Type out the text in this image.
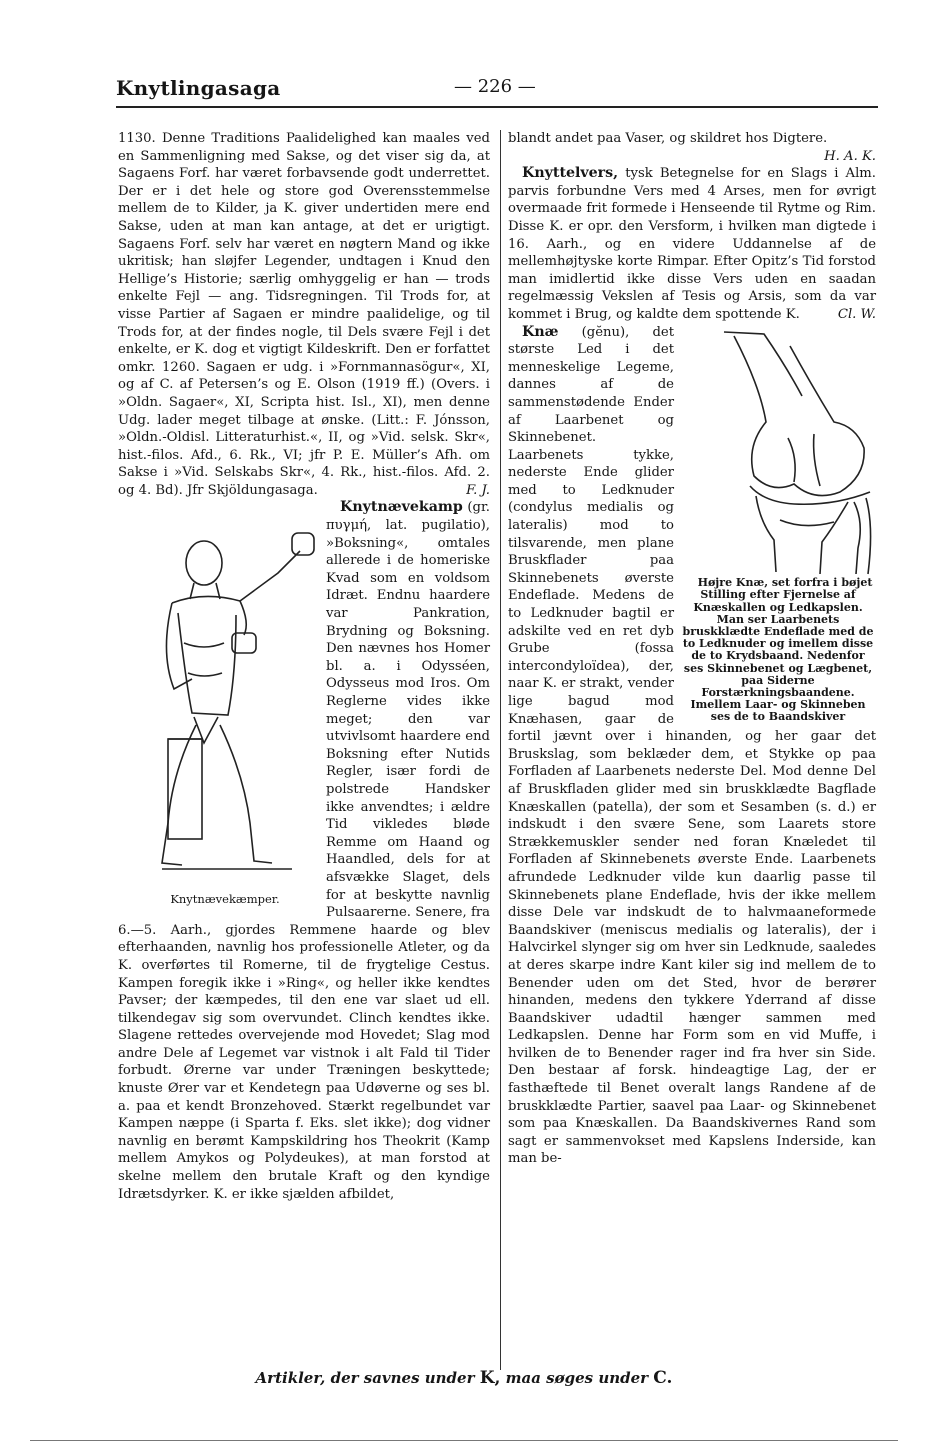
Knytlingasaga	— 226 —

1130. Denne Traditions Paalidelighed kan maales ved en Sammenligning med Sakse, og det viser sig da, at Sagaens Forf. har været forbavsende godt underrettet. Der er i det hele og store god Overensstemmelse mellem de to Kilder, ja K. giver undertiden mere end Sakse, uden at man kan antage, at det er urigtigt. Sagaens Forf. selv har været en nøgtern Mand og ikke ukritisk; han sløjfer Legender, undtagen i Knud den Hellige’s Historie; særlig omhyggelig er han — trods enkelte Fejl — ang. Tidsregningen. Til Trods for, at visse Partier af Sagaen er mindre paalidelige, og til Trods for, at der findes nogle, til Dels svære Fejl i det enkelte, er K. dog et vigtigt Kildeskrift. Den er forfattet omkr. 1260. Sagaen er udg. i »Fornmannasögur«, XI, og af C. af Petersen’s og E. Olson (1919 ff.) (Overs. i »Oldn. Sagaer«, XI, Scripta hist. Isl., XI), men denne Udg. lader meget tilbage at ønske. (Litt.: F. Jónsson, »Oldn.-Oldisl. Litteraturhist.«, II, og »Vid. selsk. Skr«, hist.-filos. Afd., 6. Rk., VI; jfr P. E. Müller’s Afh. om Sakse i »Vid. Selskabs Skr«, 4. Rk., hist.-filos. Afd. 2. og 4. Bd). Jfr Skjöldungasaga.	F. J.

Knytnævekæmper.
Knytnævekamp (gr. πυγμή, lat. pugilatio), »Boksning«, omtales allerede i de homeriske Kvad som en voldsom Idræt. Endnu haardere var Pankration, Brydning og Boksning. Den nævnes hos Homer bl. a. i Odysséen, Odysseus mod Iros. Om Reglerne vides ikke meget; den var utvivlsomt haardere end Boksning efter Nutids Regler, især fordi de polstrede Handsker ikke anvendtes; i ældre Tid vikledes bløde Remme om Haand og Haandled, dels for at afsvække Slaget, dels for at beskytte navnlig Pulsaarerne. Senere, fra 6.—5. Aarh., gjordes Remmene haarde og blev efterhaanden, navnlig hos professionelle Atleter, og da K. overførtes til Romerne, til de frygtelige Cestus. Kampen foregik ikke i »Ring«, og heller ikke kendtes Pavser; der kæmpedes, til den ene var slaet ud ell. tilkendegav sig som overvundet. Clinch kendtes ikke. Slagene rettedes overvejende mod Hovedet; Slag mod andre Dele af Legemet var vistnok i alt Fald til Tider forbudt. Ørerne var under Træningen beskyttede; knuste Ører var et Kendetegn paa Udøverne og ses bl. a. paa et kendt Bronzehoved. Stærkt regelbundet var Kampen næppe (i Sparta f. Eks. slet ikke); dog vidner navnlig en berømt Kampskildring hos Theokrit (Kamp mellem Amykos og Polydeukes), at man forstod at skelne mellem den brutale Kraft og den kyndige Idrætsdyrker. K. er ikke sjælden afbildet,

blandt andet paa Vaser, og skildret hos Digtere.
H. A. K.

Knyttelvers, tysk Betegnelse for en Slags i Alm. parvis forbundne Vers med 4 Arses, men for øvrigt overmaade frit formede i Henseende til Rytme og Rim. Disse K. er opr. den Versform, i hvilken man digtede i 16. Aarh., og en videre Uddannelse af de mellemhøjtyske korte Rimpar. Efter Opitz’s Tid forstod man imidlertid ikke disse Vers uden en saadan regelmæssig Vekslen af Tesis og Arsis, som da var kommet i Brug, og kaldte dem spottende K.	Cl. W.

Højre Knæ, set forfra i bøjet Stilling efter Fjernelse af Knæskallen og Ledkapslen. Man ser Laarbenets bruskklædte Endeflade med de to Ledknuder og imellem disse de to Krydsbaand. Nedenfor ses Skinnebenet og Lægbenet, paa Siderne Forstærkningsbaandene. Imellem Laar- og Skinneben ses de to Baandskiver
Knæ (gĕnu), det største Led i det menneskelige Legeme, dannes af de sammenstødende Ender af Laarbenet og Skinnebenet. Laarbenets tykke, nederste Ende glider med to Ledknuder (condylus medialis og lateralis) mod to tilsvarende, men plane Bruskflader paa Skinnebenets øverste Endeflade. Medens de to Ledknuder bagtil er adskilte ved en ret dyb Grube (fossa intercondyloïdea), der, naar K. er strakt, vender lige bagud mod Knæhasen, gaar de fortil jævnt over i hinanden, og her gaar det Bruskslag, som beklæder dem, et Stykke op paa Forfladen af Laarbenets nederste Del. Mod denne Del af Bruskfladen glider med sin bruskklædte Bagflade Knæskallen (patella), der som et Sesamben (s. d.) er indskudt i den svære Sene, som Laarets store Strækkemuskler sender ned foran Knæledet til Forfladen af Skinnebenets øverste Ende. Laarbenets afrundede Ledknuder vilde kun daarlig passe til Skinnebenets plane Endeflade, hvis der ikke mellem disse Dele var indskudt de to halvmaaneformede Baandskiver (meniscus medialis og lateralis), der i Halvcirkel slynger sig om hver sin Ledknude, saaledes at deres skarpe indre Kant kiler sig ind mellem de to Benender uden om det Sted, hvor de berører hinanden, medens den tykkere Yderrand af disse Baandskiver udadtil hænger sammen med Ledkapslen. Denne har Form som en vid Muffe, i hvilken de to Benender rager ind fra hver sin Side. Den bestaar af forsk. hindeagtige Lag, der er fasthæftede til Benet overalt langs Randene af de bruskklædte Partier, saavel paa Laar- og Skinnebenet som paa Knæskallen. Da Baandskivernes Rand som sagt er sammenvokset med Kapslens Inderside, kan man be-

Artikler, der savnes under K, maa søges under C.
